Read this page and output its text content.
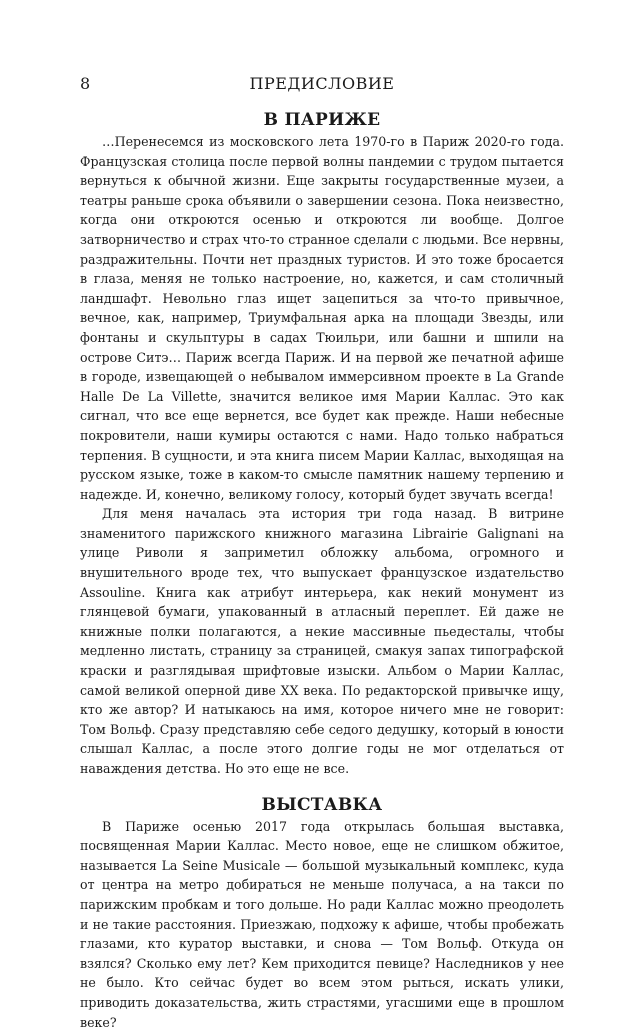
8	ПРЕДИСЛОВИЕ
В ПАРИЖЕ

…Перенесемся из московского лета 1970-го в Париж 2020-го года. Французская столица после первой волны пандемии с трудом пытается вернуться к обычной жизни. Еще закрыты государственные музеи, а театры раньше срока объявили о завершении сезона. Пока неизвестно, когда они откроются осенью и откроются ли вообще. Долгое затворничество и страх что-то странное сделали с людьми. Все нервны, раздражительны. Почти нет праздных туристов. И это тоже бросается в глаза, меняя не только настроение, но, кажется, и сам столичный ландшафт. Невольно глаз ищет зацепиться за что-то привычное, вечное, как, например, Триумфальная арка на площади Звезды, или фонтаны и скульптуры в садах Тюильри, или башни и шпили на острове Ситэ… Париж всегда Париж. И на первой же печатной афише в городе, извещающей о небывалом иммерсивном проекте в La Grande Halle De La Villette, значится великое имя Марии Каллас. Это как сигнал, что все еще вернется, все будет как прежде. Наши небесные покровители, наши кумиры остаются с нами. Надо только набраться терпения. В сущности, и эта книга писем Марии Каллас, выходящая на русском языке, тоже в каком-то смысле памятник нашему терпению и надежде. И, конечно, великому голосу, который будет звучать всегда!

Для меня началась эта история три года назад. В витрине знаменитого парижского книжного магазина Librairie Galignani на улице Риволи я заприметил обложку альбома, огромного и внушительного вроде тех, что выпускает французское издательство Assouline. Книга как атрибут интерьера, как некий монумент из глянцевой бумаги, упакованный в атласный переплет. Ей даже не книжные полки полагаются, а некие массивные пьедесталы, чтобы медленно листать, страницу за страницей, смакуя запах типографской краски и разглядывая шрифтовые изыски. Альбом о Марии Каллас, самой великой оперной диве XX века. По редакторской привычке ищу, кто же автор? И натыкаюсь на имя, которое ничего мне не говорит: Том Вольф. Сразу представляю себе седого дедушку, который в юности слышал Каллас, а после этого долгие годы не мог отделаться от наваждения детства. Но это еще не все.

ВЫСТАВКА

В Париже осенью 2017 года открылась большая выставка, посвященная Марии Каллас. Место новое, еще не слишком обжитое, называется La Seine Musicale — большой музыкальный комплекс, куда от центра на метро добираться не меньше получаса, а на такси по парижским пробкам и того дольше. Но ради Каллас можно преодолеть и не такие расстояния. Приезжаю, подхожу к афише, чтобы пробежать глазами, кто куратор выставки, и снова — Том Вольф. Откуда он взялся? Сколько ему лет? Кем приходится певице? Наследников у нее не было. Кто сейчас будет во всем этом рыться, искать улики, приводить доказательства, жить страстями, угасшими еще в прошлом веке?
